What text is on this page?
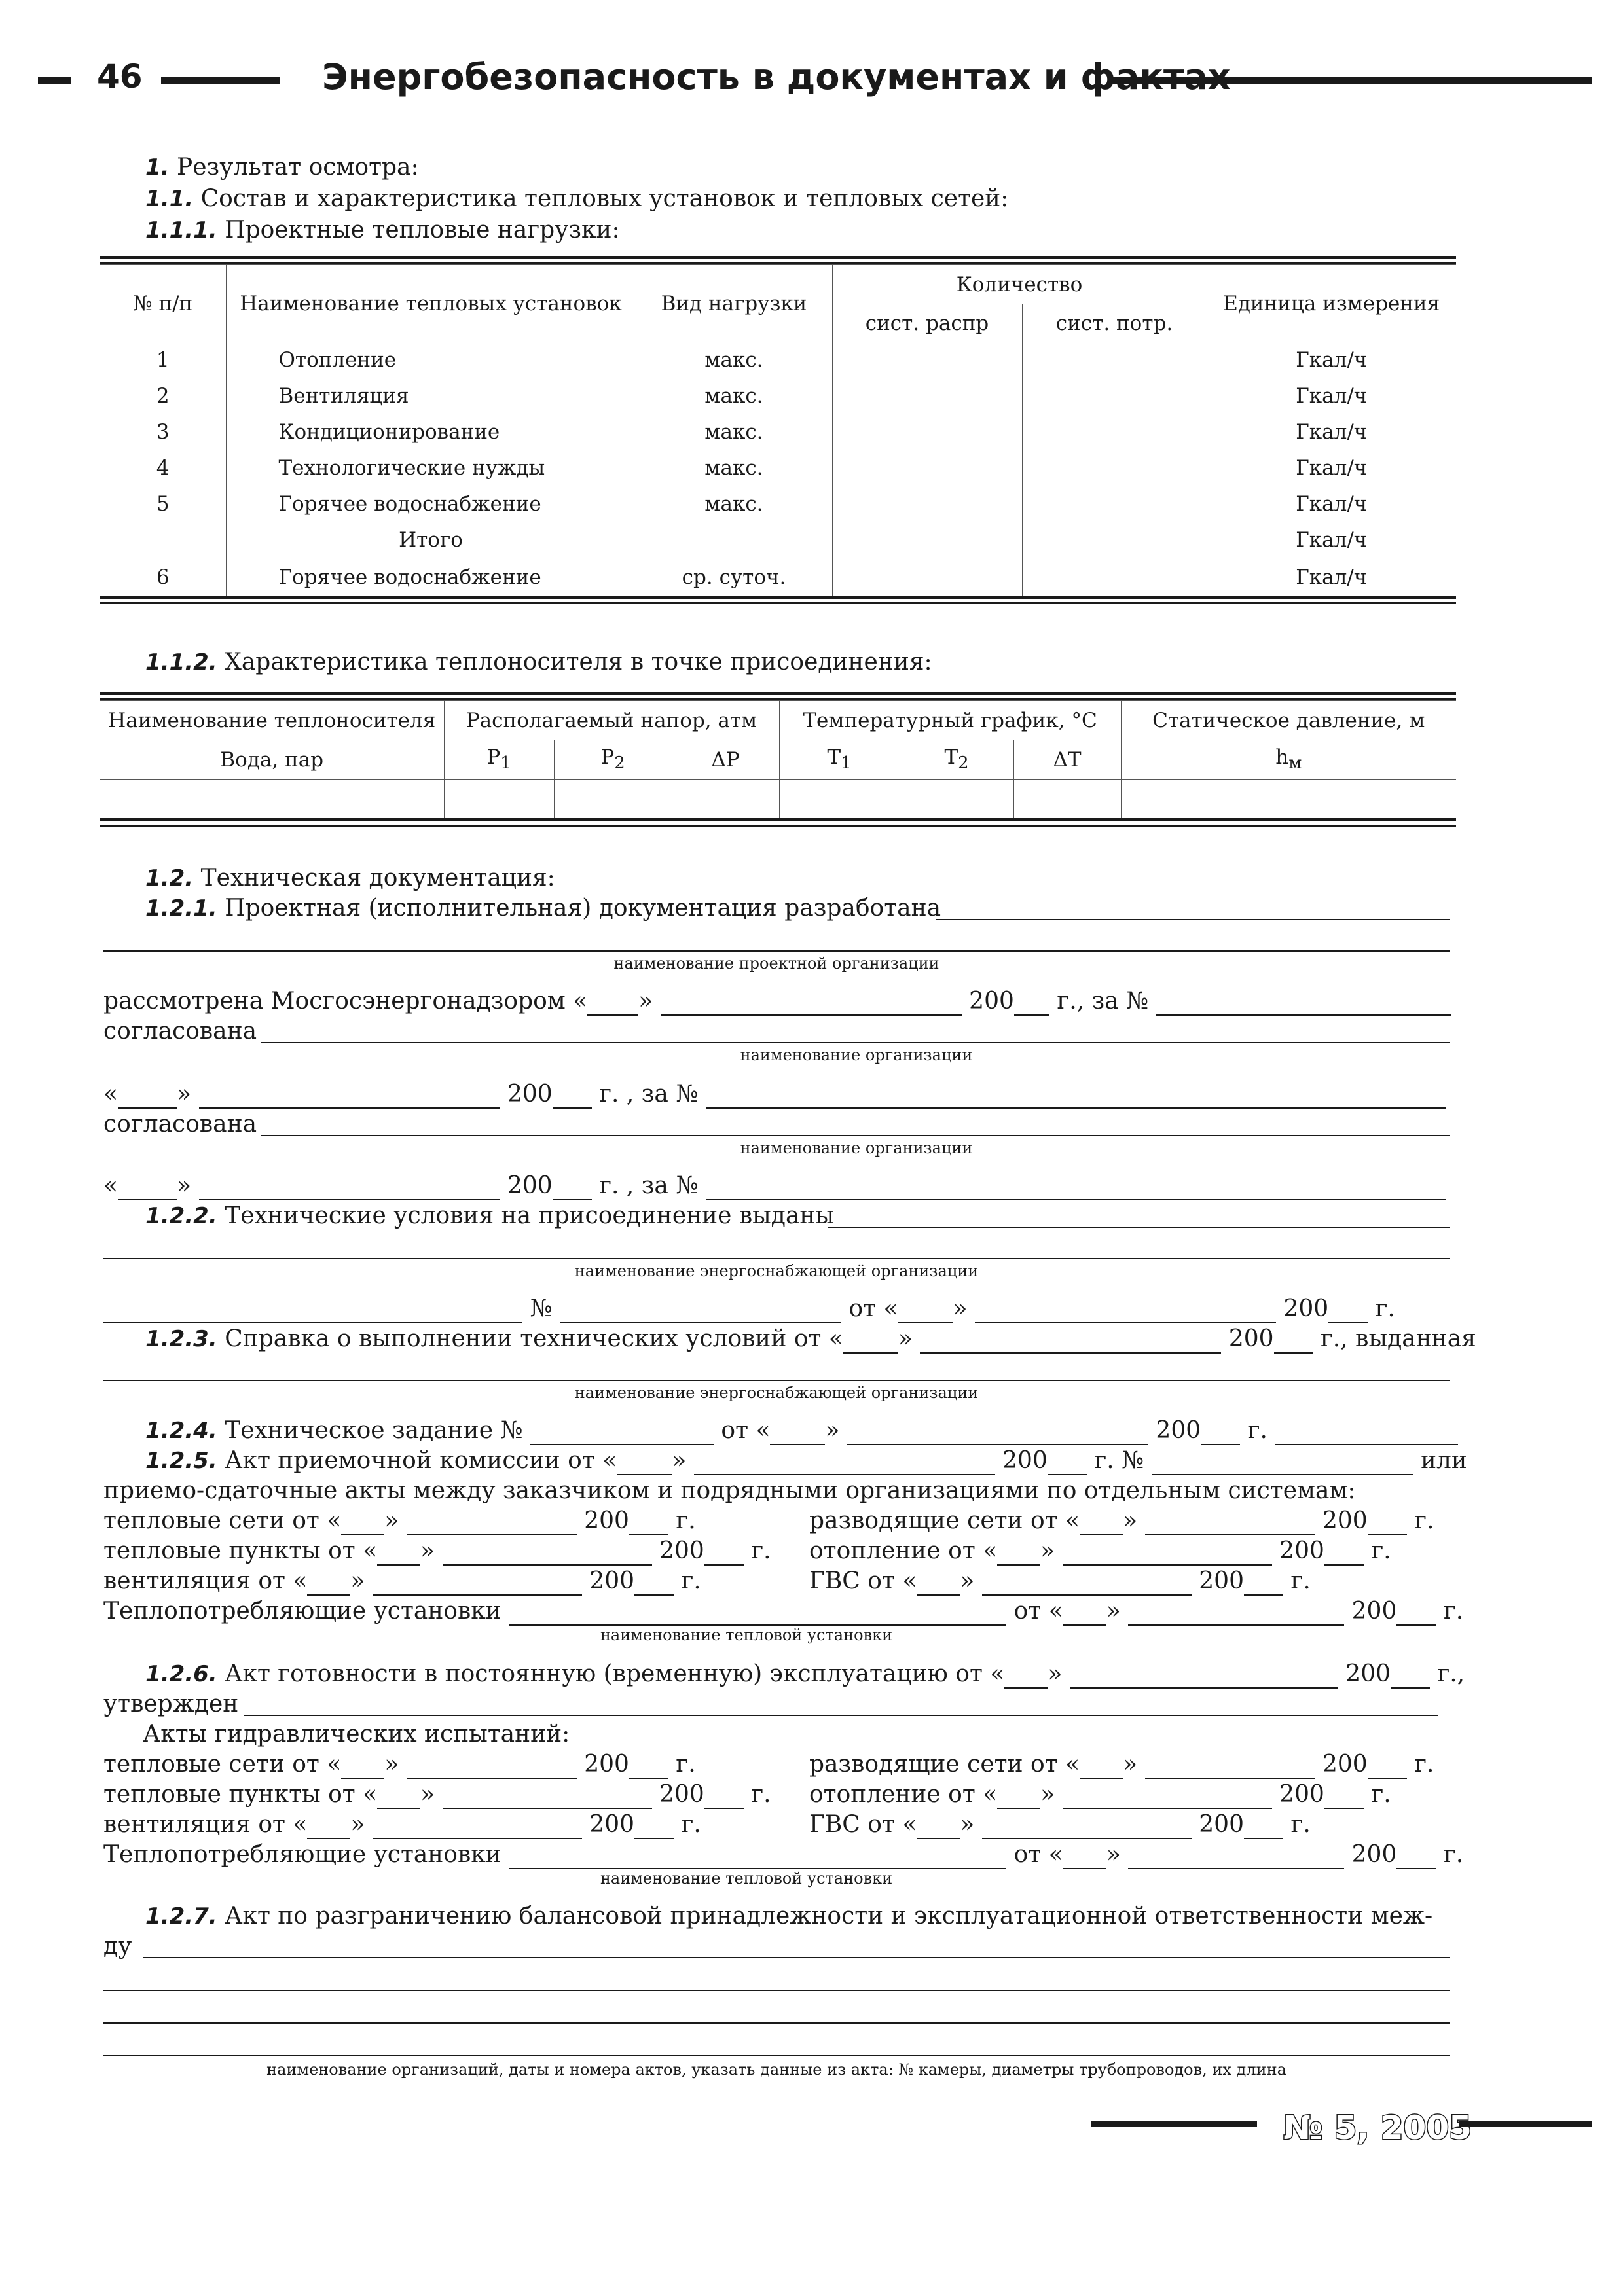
46	Энергобезопасность в документах и фактах
1. Результат осмотра:
1.1. Состав и характеристика тепловых установок и тепловых сетей:
1.1.1. Проектные тепловые нагрузки:
№ п/п	Наименование тепловых установок	Вид нагрузки	Количество		Единица измерения
			сист. распр	сист. потр.	
1	Отопление	макс.			Гкал/ч
2	Вентиляция	макс.			Гкал/ч
3	Кондиционирование	макс.			Гкал/ч
4	Технологические нужды	макс.			Гкал/ч
5	Горячее водоснабжение	макс.			Гкал/ч
	Итого				Гкал/ч
6	Горячее водоснабжение	ср. суточ.			Гкал/ч
1.1.2. Характеристика теплоносителя в точке присоединения:
Наименование теплоносителя	Располагаемый напор, атм			Температурный график, °С			Статическое давление, м
Вода, пар	$P_1$	$P_2$	ΔP	$T_1$	$T_2$	ΔT	$h_м$

1.2. Техническая документация:
1.2.1. Проектная (исполнительная) документация разработана
наименование проектной организации
рассмотрена Мосгосэнергонадзором « »	200 г., за №
согласована
наименование организации
«	»	200 г. , за №
согласована
наименование организации
«	»	200 г. , за №
1.2.2. Технические условия на присоединение выданы
наименование энергоснабжающей организации
№	от « »	200 г.
1.2.3. Справка о выполнении технических условий от « »	200 г., выданная
наименование энергоснабжающей организации
1.2.4. Техническое задание №	от « »	200 г.
1.2.5. Акт приемочной комиссии от « »	200 г. №	или
приемо-сдаточные акты между заказчиком и подрядными организациями по отдельным системам:
тепловые сети от « »	200 г.	разводящие сети от « »	200 г.
тепловые пункты от « »	200 г. отопление от « »	200 г.
вентиляция от « »	200 г.	ГВС от « »	200 г.
Теплопотребляющие установки	от « »	200 г.
наименование тепловой установки
1.2.6. Акт готовности в постоянную (временную) эксплуатацию от « »	200 г.,
утвержден
Акты гидравлических испытаний:
тепловые сети от « »	200 г.	разводящие сети от « »	200 г.
тепловые пункты от « »	200 г. отопление от « »	200 г.
вентиляция от « »	200 г.	ГВС от « »	200 г.
Теплопотребляющие установки	от « »	200 г.
наименование тепловой установки
1.2.7. Акт по разграничению балансовой принадлежности и эксплуатационной ответственности меж-
ду
наименование организаций, даты и номера актов, указать данные из акта: № камеры, диаметры трубопроводов, их длина
№ 5, 2005
